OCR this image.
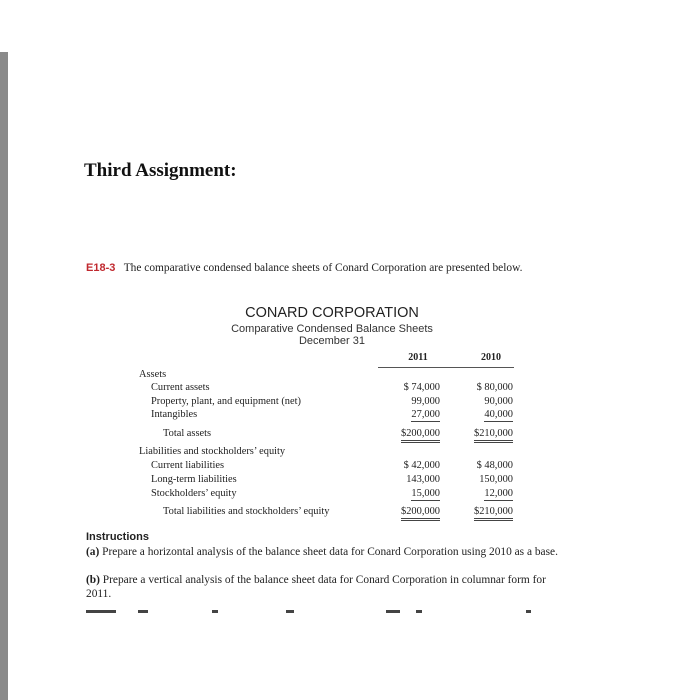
Third Assignment:
E18-3 The comparative condensed balance sheets of Conard Corporation are presented below.
CONARD CORPORATION
Comparative Condensed Balance Sheets
December 31
2011	2010
Assets
Current assets	$ 74,000	$ 80,000
Property, plant, and equipment (net)	99,000	90,000
Intangibles	27,000	40,000
Total assets	$200,000	$210,000
Liabilities and stockholders’ equity
Current liabilities	$ 42,000	$ 48,000
Long-term liabilities	143,000	150,000
Stockholders’ equity	15,000	12,000
Total liabilities and stockholders’ equity	$200,000	$210,000
Instructions
(a) Prepare a horizontal analysis of the balance sheet data for Conard Corporation using 2010 as a base.
(b) Prepare a vertical analysis of the balance sheet data for Conard Corporation in columnar form for 2011.
